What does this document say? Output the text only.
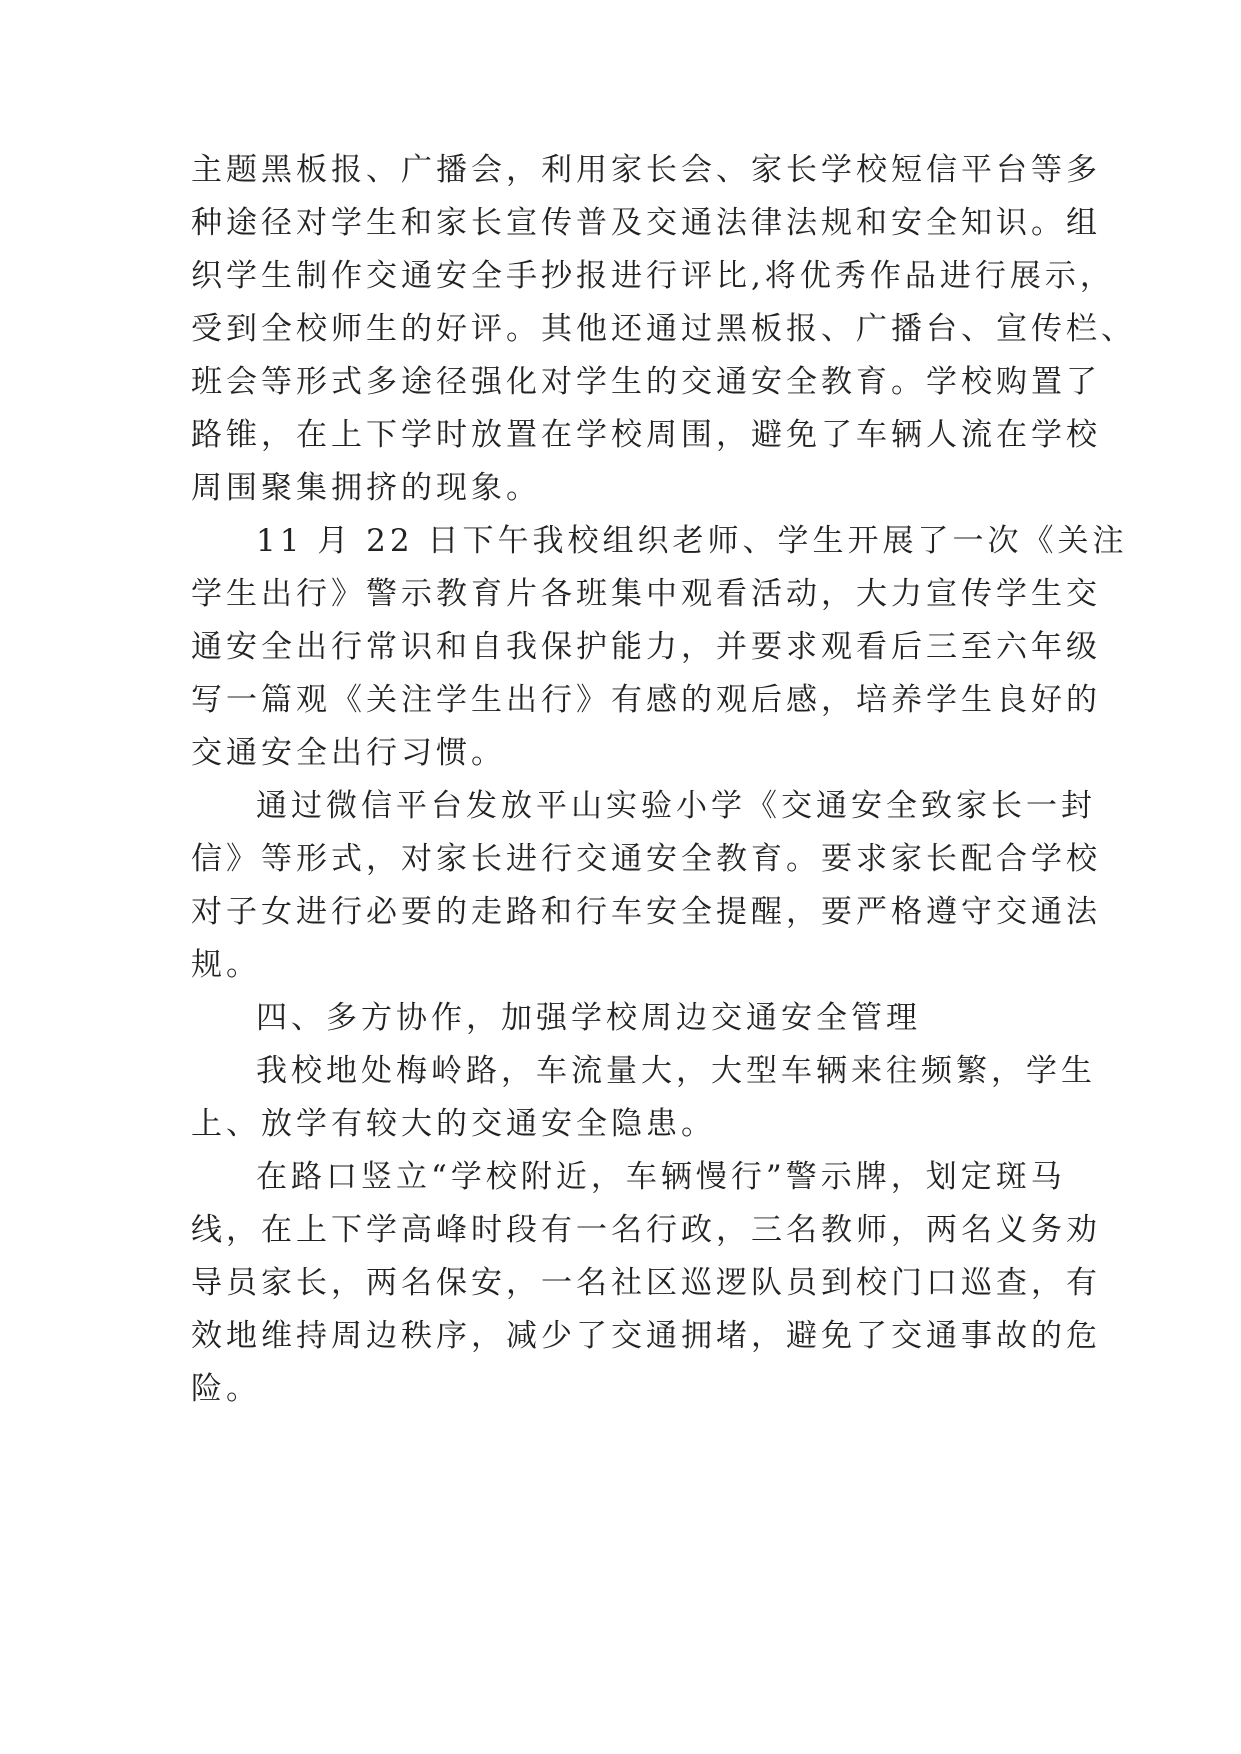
主题黑板报、广播会，利用家长会、家长学校短信平台等多
种途径对学生和家长宣传普及交通法律法规和安全知识。组
织学生制作交通安全手抄报进行评比,将优秀作品进行展示，
受到全校师生的好评。其他还通过黑板报、广播台、宣传栏、
班会等形式多途径强化对学生的交通安全教育。学校购置了
路锥，在上下学时放置在学校周围，避免了车辆人流在学校
周围聚集拥挤的现象。
11 月 22 日下午我校组织老师、学生开展了一次《关注
学生出行》警示教育片各班集中观看活动，大力宣传学生交
通安全出行常识和自我保护能力，并要求观看后三至六年级
写一篇观《关注学生出行》有感的观后感，培养学生良好的
交通安全出行习惯。
通过微信平台发放平山实验小学《交通安全致家长一封
信》等形式，对家长进行交通安全教育。要求家长配合学校
对子女进行必要的走路和行车安全提醒，要严格遵守交通法
规。
四、多方协作，加强学校周边交通安全管理
我校地处梅岭路，车流量大，大型车辆来往频繁，学生
上、放学有较大的交通安全隐患。
在路口竖立“学校附近，车辆慢行”警示牌，划定斑马
线，在上下学高峰时段有一名行政，三名教师，两名义务劝
导员家长，两名保安，一名社区巡逻队员到校门口巡查，有
效地维持周边秩序，减少了交通拥堵，避免了交通事故的危
险。
